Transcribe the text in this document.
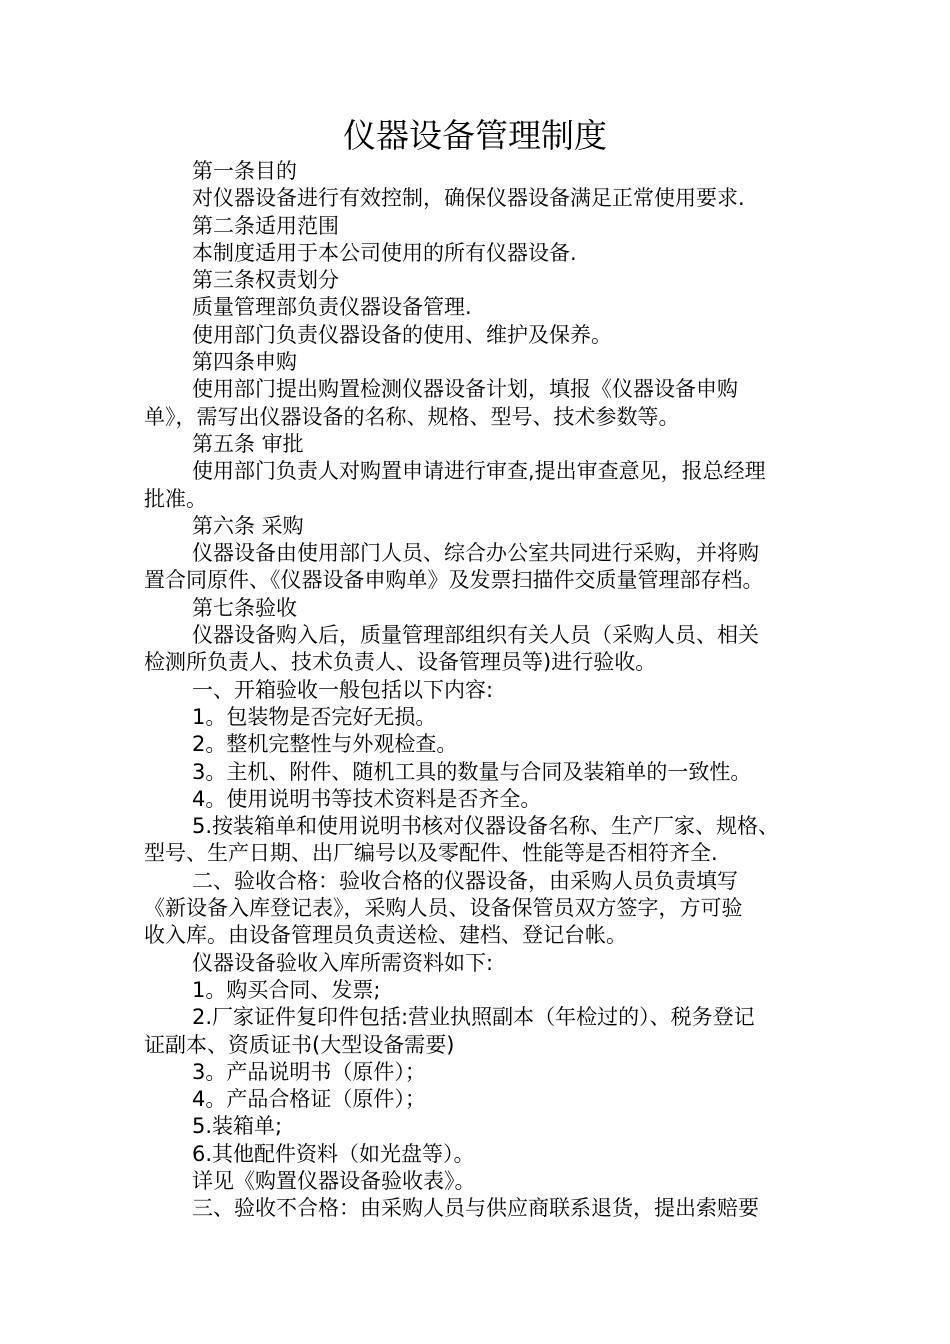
仪器设备管理制度

第一条目的

对仪器设备进行有效控制，确保仪器设备满足正常使用要求.

第二条适用范围

本制度适用于本公司使用的所有仪器设备.

第三条权责划分

质量管理部负责仪器设备管理.

使用部门负责仪器设备的使用、维护及保养。

第四条申购

使用部门提出购置检测仪器设备计划，填报《仪器设备申购

单》，需写出仪器设备的名称、规格、型号、技术参数等。

第五条 审批

使用部门负责人对购置申请进行审查,提出审查意见，报总经理

批准。

第六条 采购

仪器设备由使用部门人员、综合办公室共同进行采购，并将购

置合同原件、《仪器设备申购单》及发票扫描件交质量管理部存档。

第七条验收

仪器设备购入后，质量管理部组织有关人员（采购人员、相关

检测所负责人、技术负责人、设备管理员等)进行验收。

一、开箱验收一般包括以下内容:

1。包装物是否完好无损。

2。整机完整性与外观检查。

3。主机、附件、随机工具的数量与合同及装箱单的一致性。

4。使用说明书等技术资料是否齐全。

5.按装箱单和使用说明书核对仪器设备名称、生产厂家、规格、

型号、生产日期、出厂编号以及零配件、性能等是否相符齐全.

二、验收合格：验收合格的仪器设备，由采购人员负责填写

《新设备入库登记表》，采购人员、设备保管员双方签字，方可验

收入库。由设备管理员负责送检、建档、登记台帐。

仪器设备验收入库所需资料如下:

1。购买合同、发票;

2.厂家证件复印件包括:营业执照副本（年检过的）、税务登记

证副本、资质证书(大型设备需要)

3。产品说明书（原件）；

4。产品合格证（原件）；

5.装箱单;

6.其他配件资料（如光盘等）。

详见《购置仪器设备验收表》。

三、验收不合格：由采购人员与供应商联系退货，提出索赔要
